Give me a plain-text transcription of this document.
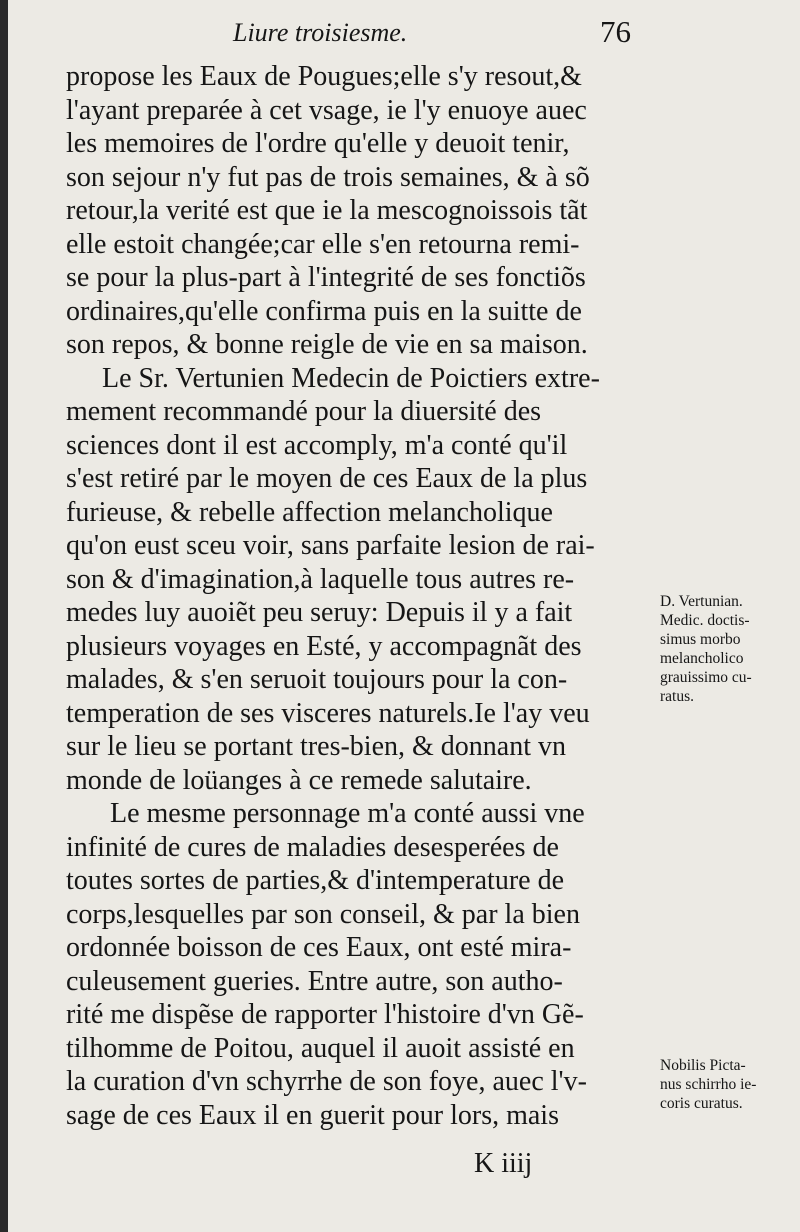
Liure troisiesme.	76
propose les Eaux de Pougues;elle s'y resout,&
l'ayant preparée à cet vsage, ie l'y enuoye auec
les memoires de l'ordre qu'elle y deuoit tenir,
son sejour n'y fut pas de trois semaines, & à sõ
retour,la verité est que ie la mescognoissois tãt
elle estoit changée;car elle s'en retourna remi-
se pour la plus-part à l'integrité de ses fonctiõs
ordinaires,qu'elle confirma puis en la suitte de
son repos, & bonne reigle de vie en sa maison.
Le Sr. Vertunien Medecin de Poictiers extre-
mement recommandé pour la diuersité des
sciences dont il est accomply, m'a conté qu'il
s'est retiré par le moyen de ces Eaux de la plus
furieuse, & rebelle affection melancholique
qu'on eust sceu voir, sans parfaite lesion de rai-
son & d'imagination,à laquelle tous autres re-
medes luy auoiẽt peu seruy: Depuis il y a fait
plusieurs voyages en Esté, y accompagnãt des
malades, & s'en seruoit toujours pour la con-
temperation de ses visceres naturels.Ie l'ay veu
sur le lieu se portant tres-bien, & donnant vn
monde de loüanges à ce remede salutaire.
Le mesme personnage m'a conté aussi vne
infinité de cures de maladies desesperées de
toutes sortes de parties,& d'intemperature de
corps,lesquelles par son conseil, & par la bien
ordonnée boisson de ces Eaux, ont esté mira-
culeusement gueries. Entre autre, son autho-
rité me dispẽse de rapporter l'histoire d'vn Gẽ-
tilhomme de Poitou, auquel il auoit assisté en
la curation d'vn schyrrhe de son foye, auec l'v-
sage de ces Eaux il en guerit pour lors, mais
D. Vertunian.
Medic. doctis-
simus morbo
melancholico
grauissimo cu-
ratus.
Nobilis Picta-
nus schirrho ie-
coris curatus.
K iiij
